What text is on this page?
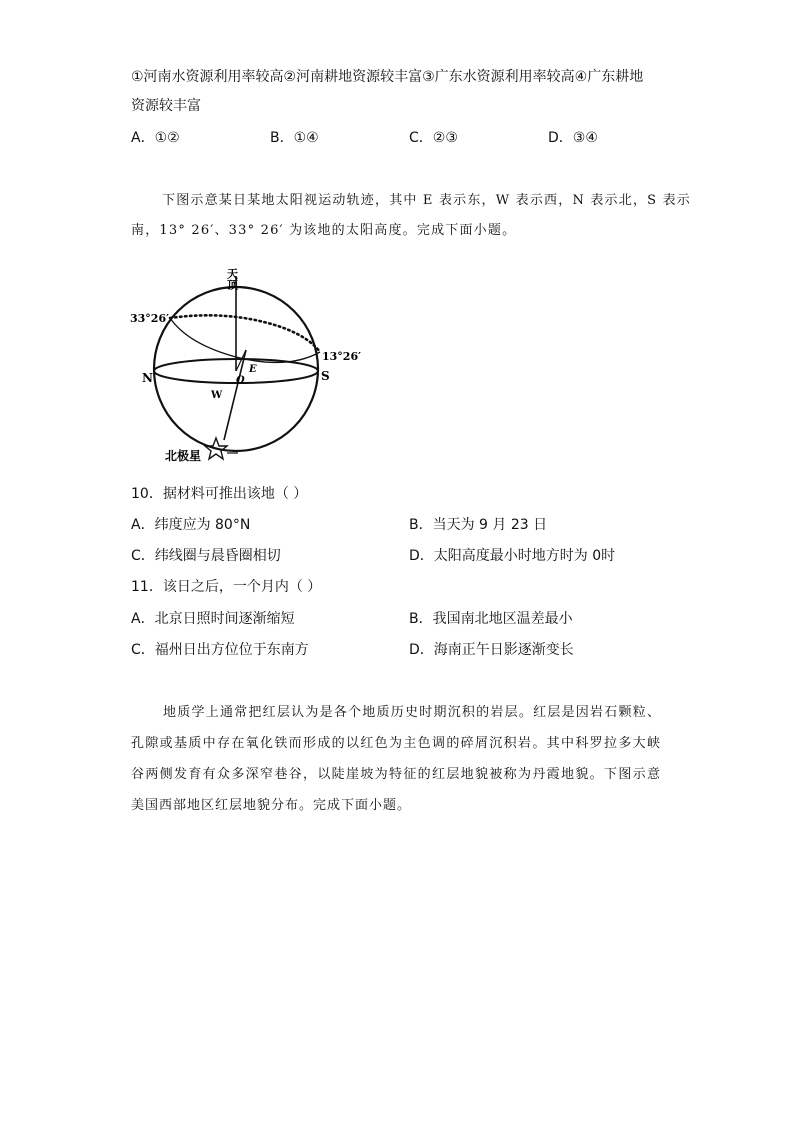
①河南水资源利用率较高②河南耕地资源较丰富③广东水资源利用率较高④广东耕地
资源较丰富
A．①②	B．①④	C．②③	D．③④
下图示意某日某地太阳视运动轨迹，其中 E 表示东，W 表示西，N 表示北，S 表示
南，13° 26′、33° 26′ 为该地的太阳高度。完成下面小题。
天顶
33°26′
13°26′
N	S
E
O
W
北极星
10．据材料可推出该地（ ）
A．纬度应为 80°N	B．当天为 9 月 23 日
C．纬线圈与晨昏圈相切	D．太阳高度最小时地方时为 0时
11．该日之后，一个月内（ ）
A．北京日照时间逐渐缩短	B．我国南北地区温差最小
C．福州日出方位位于东南方	D．海南正午日影逐渐变长
地质学上通常把红层认为是各个地质历史时期沉积的岩层。红层是因岩石颗粒、孔隙或基质中存在氧化铁而形成的以红色为主色调的碎屑沉积岩。其中科罗拉多大峡谷两侧发育有众多深窄巷谷，以陡崖坡为特征的红层地貌被称为丹霞地貌。下图示意美国西部地区红层地貌分布。完成下面小题。
